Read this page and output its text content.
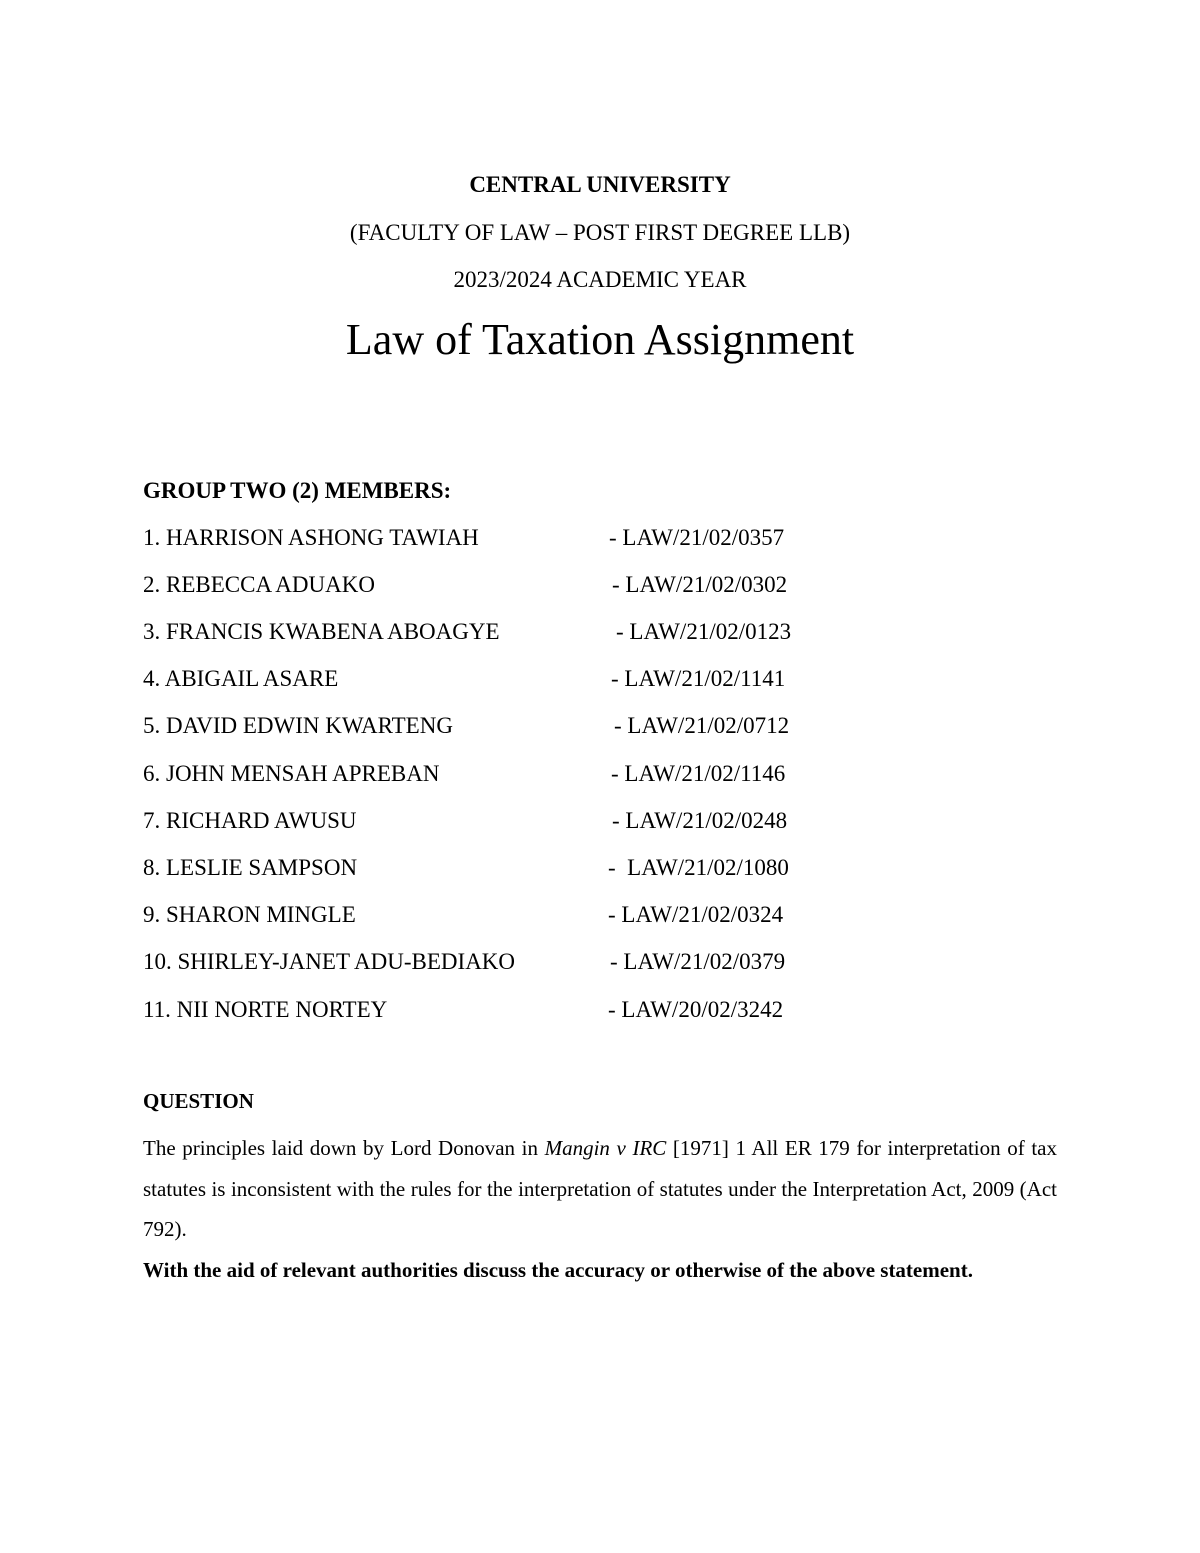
CENTRAL UNIVERSITY
(FACULTY OF LAW – POST FIRST DEGREE LLB)
2023/2024 ACADEMIC YEAR
Law of Taxation Assignment
GROUP TWO (2) MEMBERS:
1. HARRISON ASHONG TAWIAH	- LAW/21/02/0357
2. REBECCA ADUAKO	- LAW/21/02/0302
3. FRANCIS KWABENA ABOAGYE	- LAW/21/02/0123
4. ABIGAIL ASARE	- LAW/21/02/1141
5. DAVID EDWIN KWARTENG	- LAW/21/02/0712
6. JOHN MENSAH APREBAN	- LAW/21/02/1146
7. RICHARD AWUSU	- LAW/21/02/0248
8. LESLIE SAMPSON	-  LAW/21/02/1080
9. SHARON MINGLE	- LAW/21/02/0324
10. SHIRLEY-JANET ADU-BEDIAKO	- LAW/21/02/0379
11. NII NORTE NORTEY	- LAW/20/02/3242
QUESTION
The principles laid down by Lord Donovan in Mangin v IRC [1971] 1 All ER 179 for interpretation of tax statutes is inconsistent with the rules for the interpretation of statutes under the Interpretation Act, 2009 (Act 792).
With the aid of relevant authorities discuss the accuracy or otherwise of the above statement.
